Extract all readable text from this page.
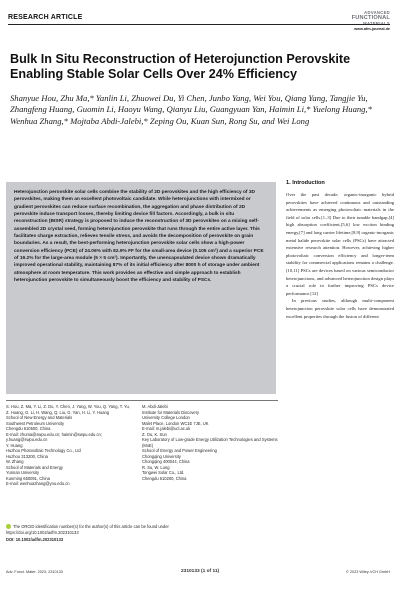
RESEARCH ARTICLE
ADVANCED
FUNCTIONAL
www.afm-journal.de
Bulk In Situ Reconstruction of Heterojunction Perovskite Enabling Stable Solar Cells Over 24% Efficiency
Shanyue Hou, Zhu Ma,* Yanlin Li, Zhuowei Du, Yi Chen, Junbo Yang, Wei You, Qiang Yang, Tangjie Yu, Zhangfeng Huang, Guomin Li, Haoyu Wang, Qianyu Liu, Guangyuan Yan, Haimin Li,* Yuelong Huang,* Wenhua Zhang,* Mojtaba Abdi-Jalebi,* Zeping Ou, Kuan Sun, Rong Su, and Wei Long
Heterojunction perovskite solar cells combine the stability of 2D perovskites and the high efficiency of 3D perovskites, making them an excellent photovoltaic candidate. While heterojunctions with intermixed or gradient perovskites can reduce surface recombination, the aggregation and phase distribution of 2D perovskite induce transport losses, thereby limiting device fill factors. Accordingly, a bulk in situ reconstruction (BISR) strategy is proposed to induce the reconstruction of 3D perovskites on a mixing self-assembled 2D crystal seed, forming heterojunction perovskite that runs through the entire active layer. This facilitates charge extraction, relieves tensile stress, and avoids the decomposition of perovskite on grain boundaries. As a result, the best-performing heterojunction perovskite solar cells show a high-power conversion efficiency (PCE) of 24.06% with 82.9% FF for the small-area device (0.105 cm²) and a superior PCE of 19.2% for the large-area module (5 × 5 cm²). Importantly, the unencapsulated device shows dramatically improved operational stability, maintaining 87% of its initial efficiency after 8000 h of storage under ambient atmosphere at room temperature. This work provides an effective and simple approach to establish heterojunction perovskite to simultaneously boost the efficiency and stability of PSCs.
1. Introduction

Over the past decade, organic-inorganic hybrid perovskites have achieved continuous and outstanding achievements as emerging photovoltaic materials in the field of solar cells.[1–3] Due to their tunable bandgap,[4] high absorption coefficient,[5,6] low exciton binding energy,[7] and long carrier lifetime,[8,9] organic-inorganic metal halide perovskite solar cells (PSCs) have attracted extensive research attention. However, achieving higher photovoltaic conversion efficiency and longer-term stability for commercial applications remains a challenge.[10,11] PSCs are devices based on various semiconductor heterojunctions, and advanced heterojunction design plays a crucial role in further improving PSCs device performance.[12]

In previous studies, although multi-component heterojunction perovskite solar cells have demonstrated excellent properties through the fusion of different

S. Hou, Z. Ma, Y. Li, Z. Du, Y. Chen, J. Yang, W. You, Q. Yang, T. Yu,
Z. Huang, G. Li, H. Wang, Q. Liu, G. Yan, H. Li, Y. Huang
School of New Energy and Materials
Southwest Petroleum University
Chengdu 610500, China
E-mail: zhuma@swpu.edu.cn; haimin@swpu.edu.cn;
y.huang@swpu.edu.cn
Y. Huang
Huzhou Photovoltaic Technology Co., Ltd
Huzhou 313200, China
W. Zhang
School of Materials and Energy
Yunnan University
Kunming 650091, China
E-mail: wenhuazhang@ynu.edu.cn
M. Abdi-Jalebi
Institute for Materials Discovery
University College London
Malet Place, London WC1E 7JE, UK
E-mail: m.jalebi@ucl.ac.uk
Z. Ou, K. Sun
Key Laboratory of Low-grade Energy Utilization Technologies and Systems
(MoE)
School of Energy and Power Engineering
Chongqing University
Chongqing 400044, China
R. Su, W. Long
Tongwei Solar Co., Ltd.
Chengdu 610200, China
The ORCID identification number(s) for the author(s) of this article can be found under https://doi.org/10.1002/adfm.202310133
DOI: 10.1002/adfm.202310133
Adv. Funct. Mater. 2023, 2310133	2310133 (1 of 11)	© 2023 Wiley-VCH GmbH
